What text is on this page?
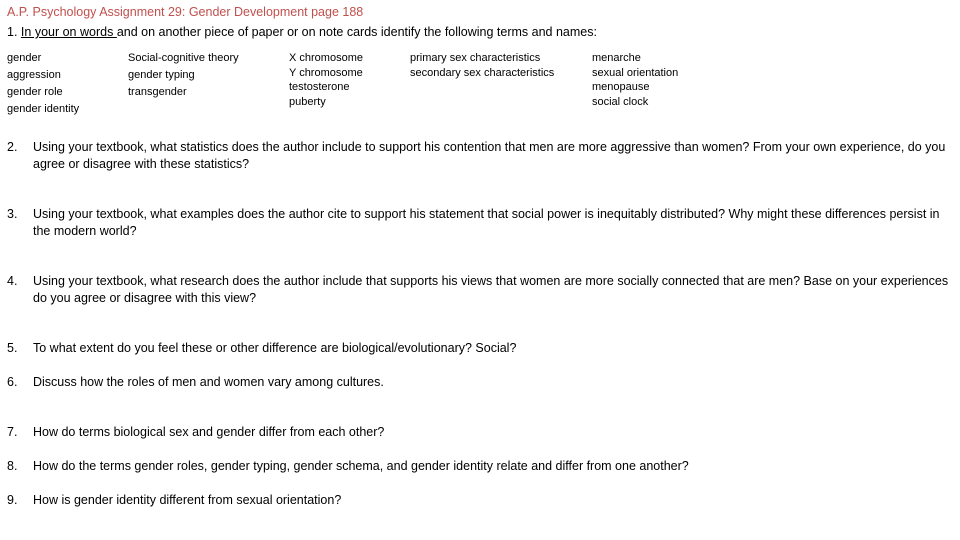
A.P. Psychology Assignment 29: Gender Development page 188
1. In your on words and on another piece of paper or on note cards identify the following terms and names:
gender
aggression
gender role
gender identity
Social-cognitive theory
gender typing
transgender
X chromosome
Y chromosome
testosterone
puberty
primary sex characteristics
secondary sex characteristics
menarche
sexual orientation
menopause
social clock
2. Using your textbook, what statistics does the author include to support his contention that men are more aggressive than women? From your own experience, do you agree or disagree with these statistics?
3. Using your textbook, what examples does the author cite to support his statement that social power is inequitably distributed? Why might these differences persist in the modern world?
4. Using your textbook, what research does the author include that supports his views that women are more socially connected that are men? Base on your experiences do you agree or disagree with this view?
5. To what extent do you feel these or other difference are biological/evolutionary? Social?
6. Discuss how the roles of men and women vary among cultures.
7. How do terms biological sex and gender differ from each other?
8. How do the terms gender roles, gender typing, gender schema, and gender identity relate and differ from one another?
9. How is gender identity different from sexual orientation?
